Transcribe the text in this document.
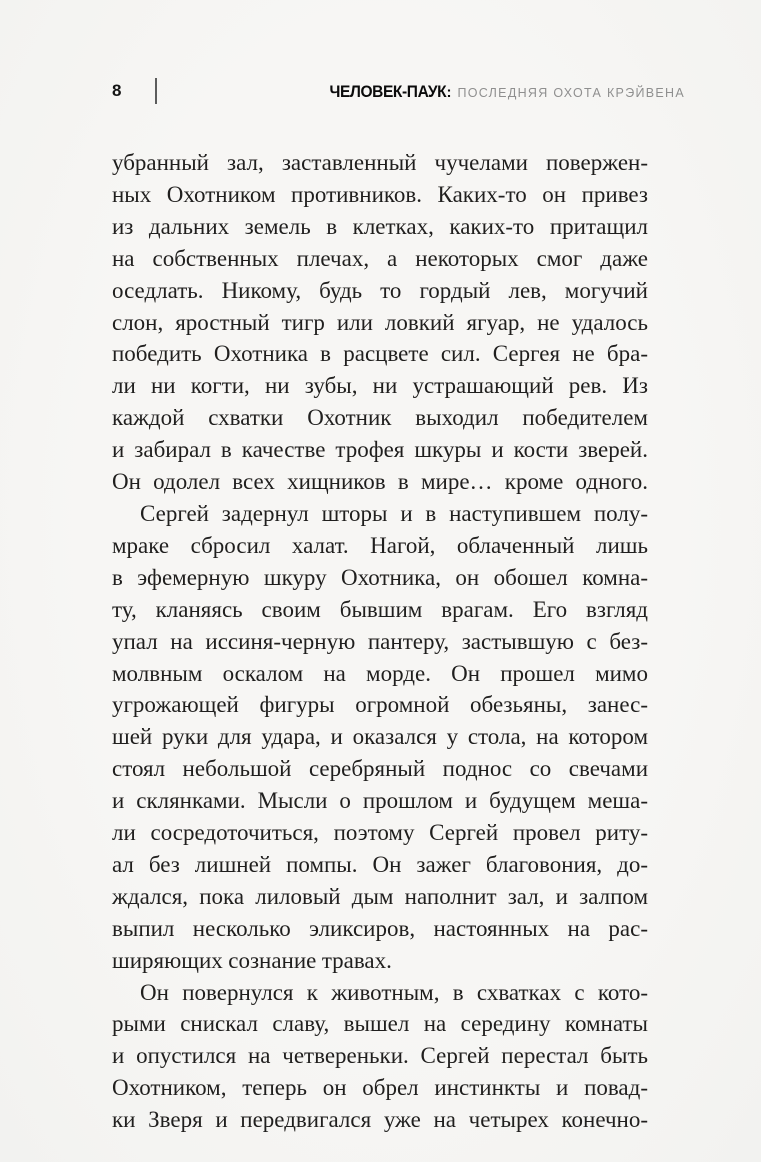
8	ЧЕЛОВЕК-ПАУК: ПОСЛЕДНЯЯ ОХОТА КРЭЙВЕНА
убранный зал, заставленный чучелами повержен-
ных Охотником противников. Каких-то он привез
из дальних земель в клетках, каких-то притащил
на собственных плечах, а некоторых смог даже
оседлать. Никому, будь то гордый лев, могучий
слон, яростный тигр или ловкий ягуар, не удалось
победить Охотника в расцвете сил. Сергея не бра-
ли ни когти, ни зубы, ни устрашающий рев. Из
каждой схватки Охотник выходил победителем
и забирал в качестве трофея шкуры и кости зверей.
Он одолел всех хищников в мире… кроме одного.
Сергей задернул шторы и в наступившем полу-
мраке сбросил халат. Нагой, облаченный лишь
в эфемерную шкуру Охотника, он обошел комна-
ту, кланяясь своим бывшим врагам. Его взгляд
упал на иссиня-черную пантеру, застывшую с без-
молвным оскалом на морде. Он прошел мимо
угрожающей фигуры огромной обезьяны, занес-
шей руки для удара, и оказался у стола, на котором
стоял небольшой серебряный поднос со свечами
и склянками. Мысли о прошлом и будущем меша-
ли сосредоточиться, поэтому Сергей провел риту-
ал без лишней помпы. Он зажег благовония, до-
ждался, пока лиловый дым наполнит зал, и залпом
выпил несколько эликсиров, настоянных на рас-
ширяющих сознание травах.
Он повернулся к животным, в схватках с кото-
рыми снискал славу, вышел на середину комнаты
и опустился на четвереньки. Сергей перестал быть
Охотником, теперь он обрел инстинкты и повад-
ки Зверя и передвигался уже на четырех конечно-
